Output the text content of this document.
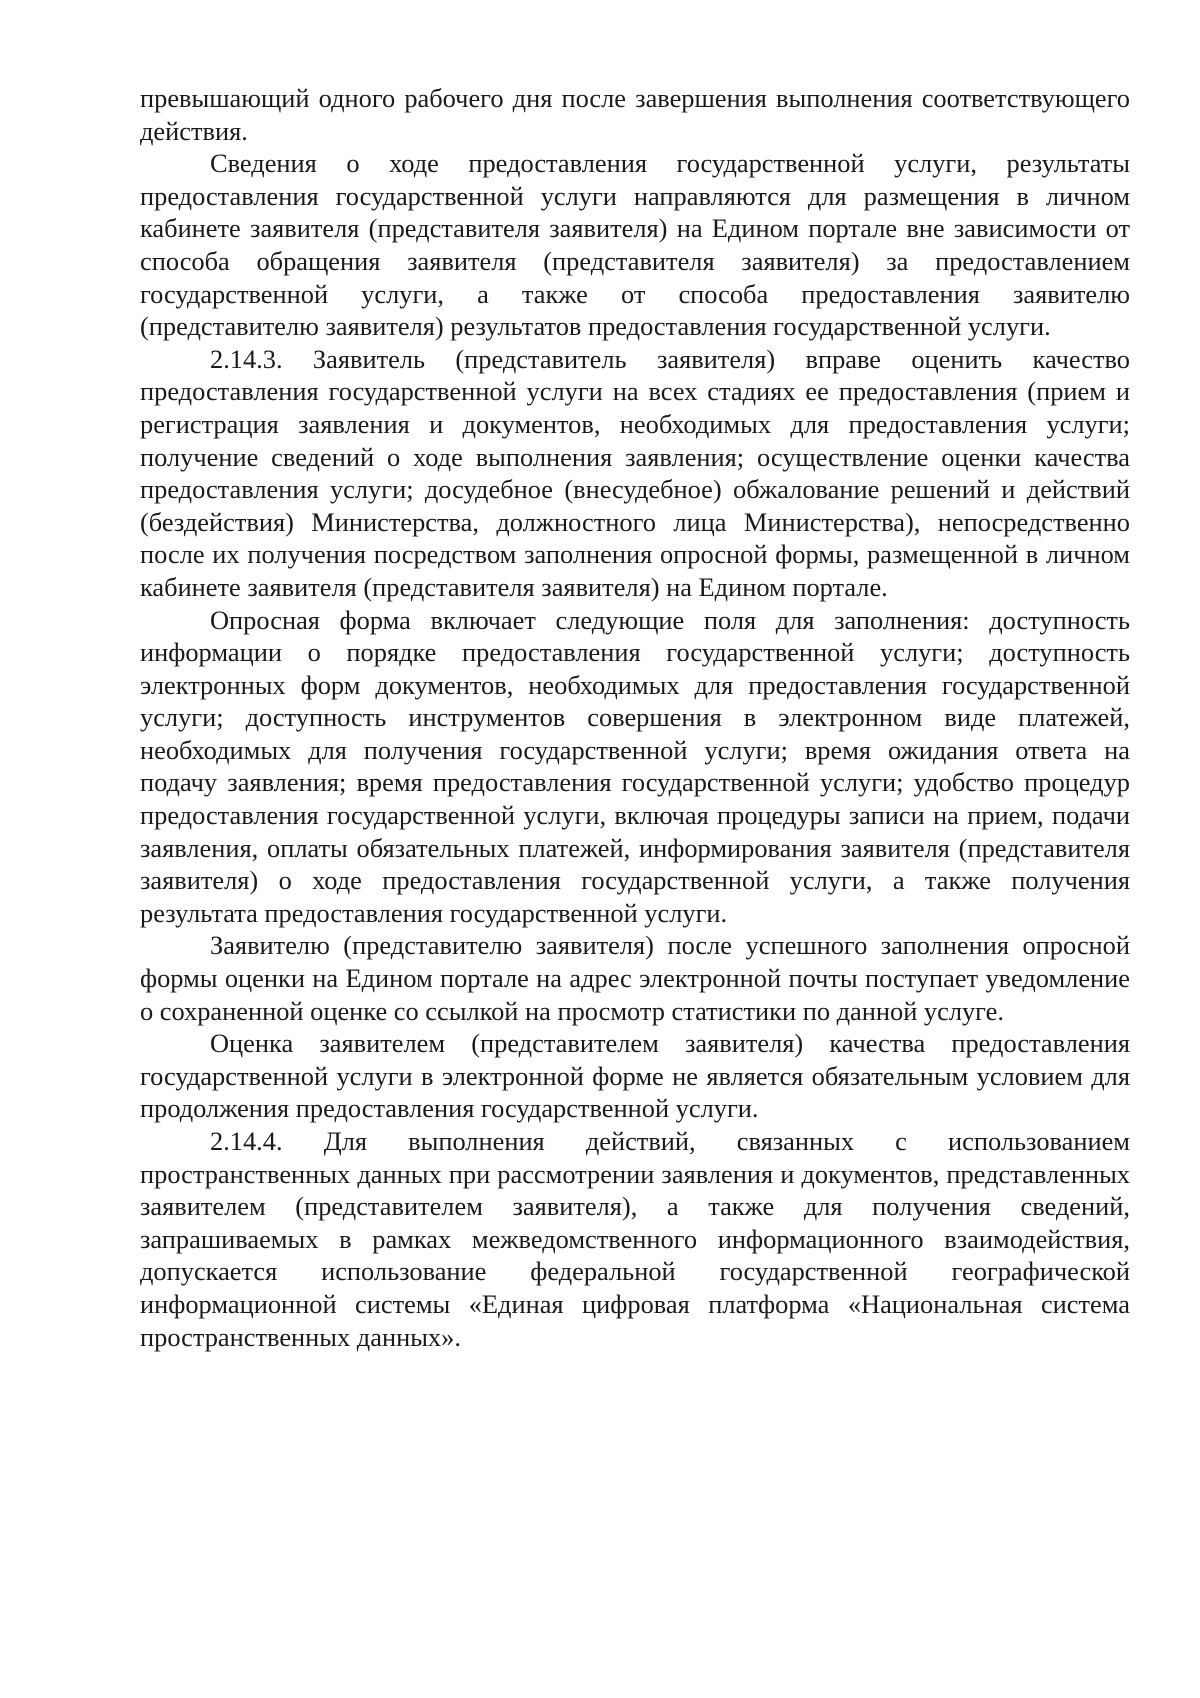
превышающий одного рабочего дня после завершения выполнения соответствующего действия.

Сведения о ходе предоставления государственной услуги, результаты предоставления государственной услуги направляются для размещения в личном кабинете заявителя (представителя заявителя) на Едином портале вне зависимости от способа обращения заявителя (представителя заявителя) за предоставлением государственной услуги, а также от способа предоставления заявителю (представителю заявителя) результатов предоставления государственной услуги.

2.14.3. Заявитель (представитель заявителя) вправе оценить качество предоставления государственной услуги на всех стадиях ее предоставления (прием и регистрация заявления и документов, необходимых для предоставления услуги; получение сведений о ходе выполнения заявления; осуществление оценки качества предоставления услуги; досудебное (внесудебное) обжалование решений и действий (бездействия) Министерства, должностного лица Министерства), непосредственно после их получения посредством заполнения опросной формы, размещенной в личном кабинете заявителя (представителя заявителя) на Едином портале.

Опросная форма включает следующие поля для заполнения: доступность информации о порядке предоставления государственной услуги; доступность электронных форм документов, необходимых для предоставления государственной услуги; доступность инструментов совершения в электронном виде платежей, необходимых для получения государственной услуги; время ожидания ответа на подачу заявления; время предоставления государственной услуги; удобство процедур предоставления государственной услуги, включая процедуры записи на прием, подачи заявления, оплаты обязательных платежей, информирования заявителя (представителя заявителя) о ходе предоставления государственной услуги, а также получения результата предоставления государственной услуги.

Заявителю (представителю заявителя) после успешного заполнения опросной формы оценки на Едином портале на адрес электронной почты поступает уведомление о сохраненной оценке со ссылкой на просмотр статистики по данной услуге.

Оценка заявителем (представителем заявителя) качества предоставления государственной услуги в электронной форме не является обязательным условием для продолжения предоставления государственной услуги.

2.14.4. Для выполнения действий, связанных с использованием пространственных данных при рассмотрении заявления и документов, представленных заявителем (представителем заявителя), а также для получения сведений, запрашиваемых в рамках межведомственного информационного взаимодействия, допускается использование федеральной государственной географической информационной системы «Единая цифровая платформа «Национальная система пространственных данных».
